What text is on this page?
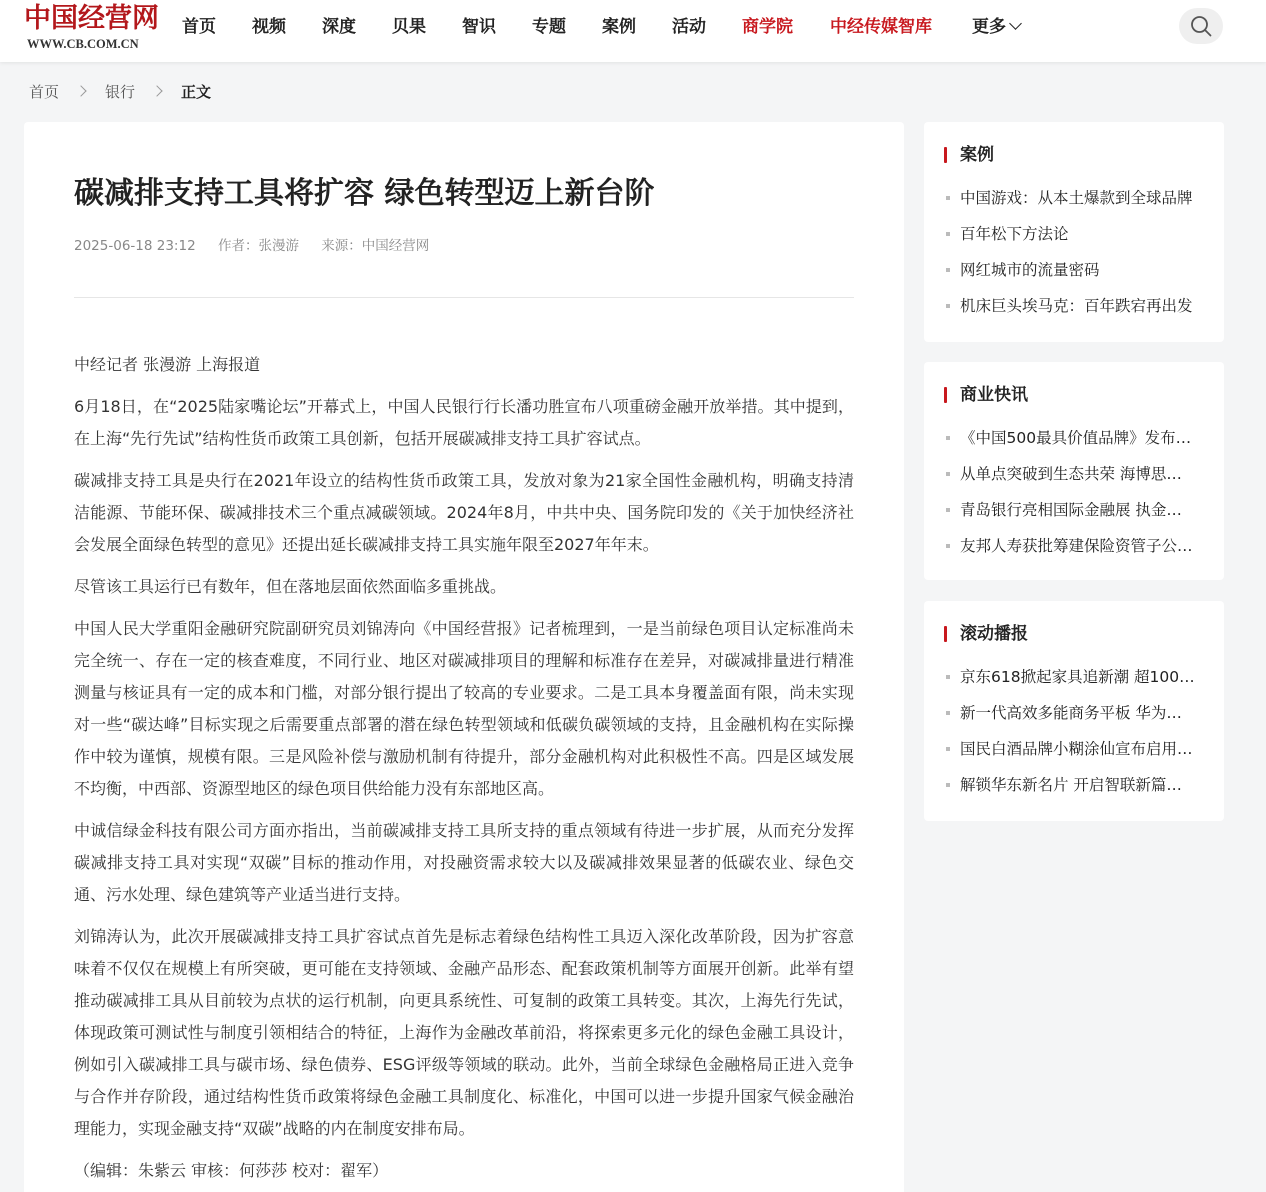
中国经营网
WWW.CB.COM.CN
首页 视频 深度 贝果 智识 专题 案例 活动 商学院 中经传媒智库 更多
首页	银行	正文
碳减排支持工具将扩容 绿色转型迈上新台阶
2025-06-18 23:12 作者：张漫游 来源：中国经营网

中经记者 张漫游 上海报道

6月18日，在“2025陆家嘴论坛”开幕式上，中国人民银行行长潘功胜宣布八项重磅金融开放举措。其中提到，在上海“先行先试”结构性货币政策工具创新，包括开展碳减排支持工具扩容试点。

碳减排支持工具是央行在2021年设立的结构性货币政策工具，发放对象为21家全国性金融机构，明确支持清洁能源、节能环保、碳减排技术三个重点减碳领域。2024年8月，中共中央、国务院印发的《关于加快经济社会发展全面绿色转型的意见》还提出延长碳减排支持工具实施年限至2027年年末。

尽管该工具运行已有数年，但在落地层面依然面临多重挑战。

中国人民大学重阳金融研究院副研究员刘锦涛向《中国经营报》记者梳理到，一是当前绿色项目认定标准尚未完全统一、存在一定的核查难度，不同行业、地区对碳减排项目的理解和标准存在差异，对碳减排量进行精准测量与核证具有一定的成本和门槛，对部分银行提出了较高的专业要求。二是工具本身覆盖面有限，尚未实现对一些“碳达峰”目标实现之后需要重点部署的潜在绿色转型领域和低碳负碳领域的支持，且金融机构在实际操作中较为谨慎，规模有限。三是风险补偿与激励机制有待提升，部分金融机构对此积极性不高。四是区域发展不均衡，中西部、资源型地区的绿色项目供给能力没有东部地区高。

中诚信绿金科技有限公司方面亦指出，当前碳减排支持工具所支持的重点领域有待进一步扩展，从而充分发挥碳减排支持工具对实现“双碳”目标的推动作用，对投融资需求较大以及碳减排效果显著的低碳农业、绿色交通、污水处理、绿色建筑等产业适当进行支持。

刘锦涛认为，此次开展碳减排支持工具扩容试点首先是标志着绿色结构性工具迈入深化改革阶段，因为扩容意味着不仅仅在规模上有所突破，更可能在支持领域、金融产品形态、配套政策机制等方面展开创新。此举有望推动碳减排工具从目前较为点状的运行机制，向更具系统性、可复制的政策工具转变。其次，上海先行先试，体现政策可测试性与制度引领相结合的特征，上海作为金融改革前沿，将探索更多元化的绿色金融工具设计，例如引入碳减排工具与碳市场、绿色债券、ESG评级等领域的联动。此外，当前全球绿色金融格局正进入竞争与合作并存阶段，通过结构性货币政策将绿色金融工具制度化、标准化，中国可以进一步提升国家气候金融治理能力，实现金融支持“双碳”战略的内在制度安排布局。

（编辑：朱紫云 审核：何莎莎 校对：翟军）

案例
中国游戏：从本土爆款到全球品牌
百年松下方法论
网红城市的流量密码
机床巨头埃马克：百年跌宕再出发
商业快讯
《中国500最具价值品牌》发布…
从单点突破到生态共荣 海博思…
青岛银行亮相国际金融展 执金…
友邦人寿获批筹建保险资管子公…
滚动播报
京东618掀起家具追新潮 超100…
新一代高效多能商务平板 华为…
国民白酒品牌小糊涂仙宣布启用…
解锁华东新名片 开启智联新篇…
